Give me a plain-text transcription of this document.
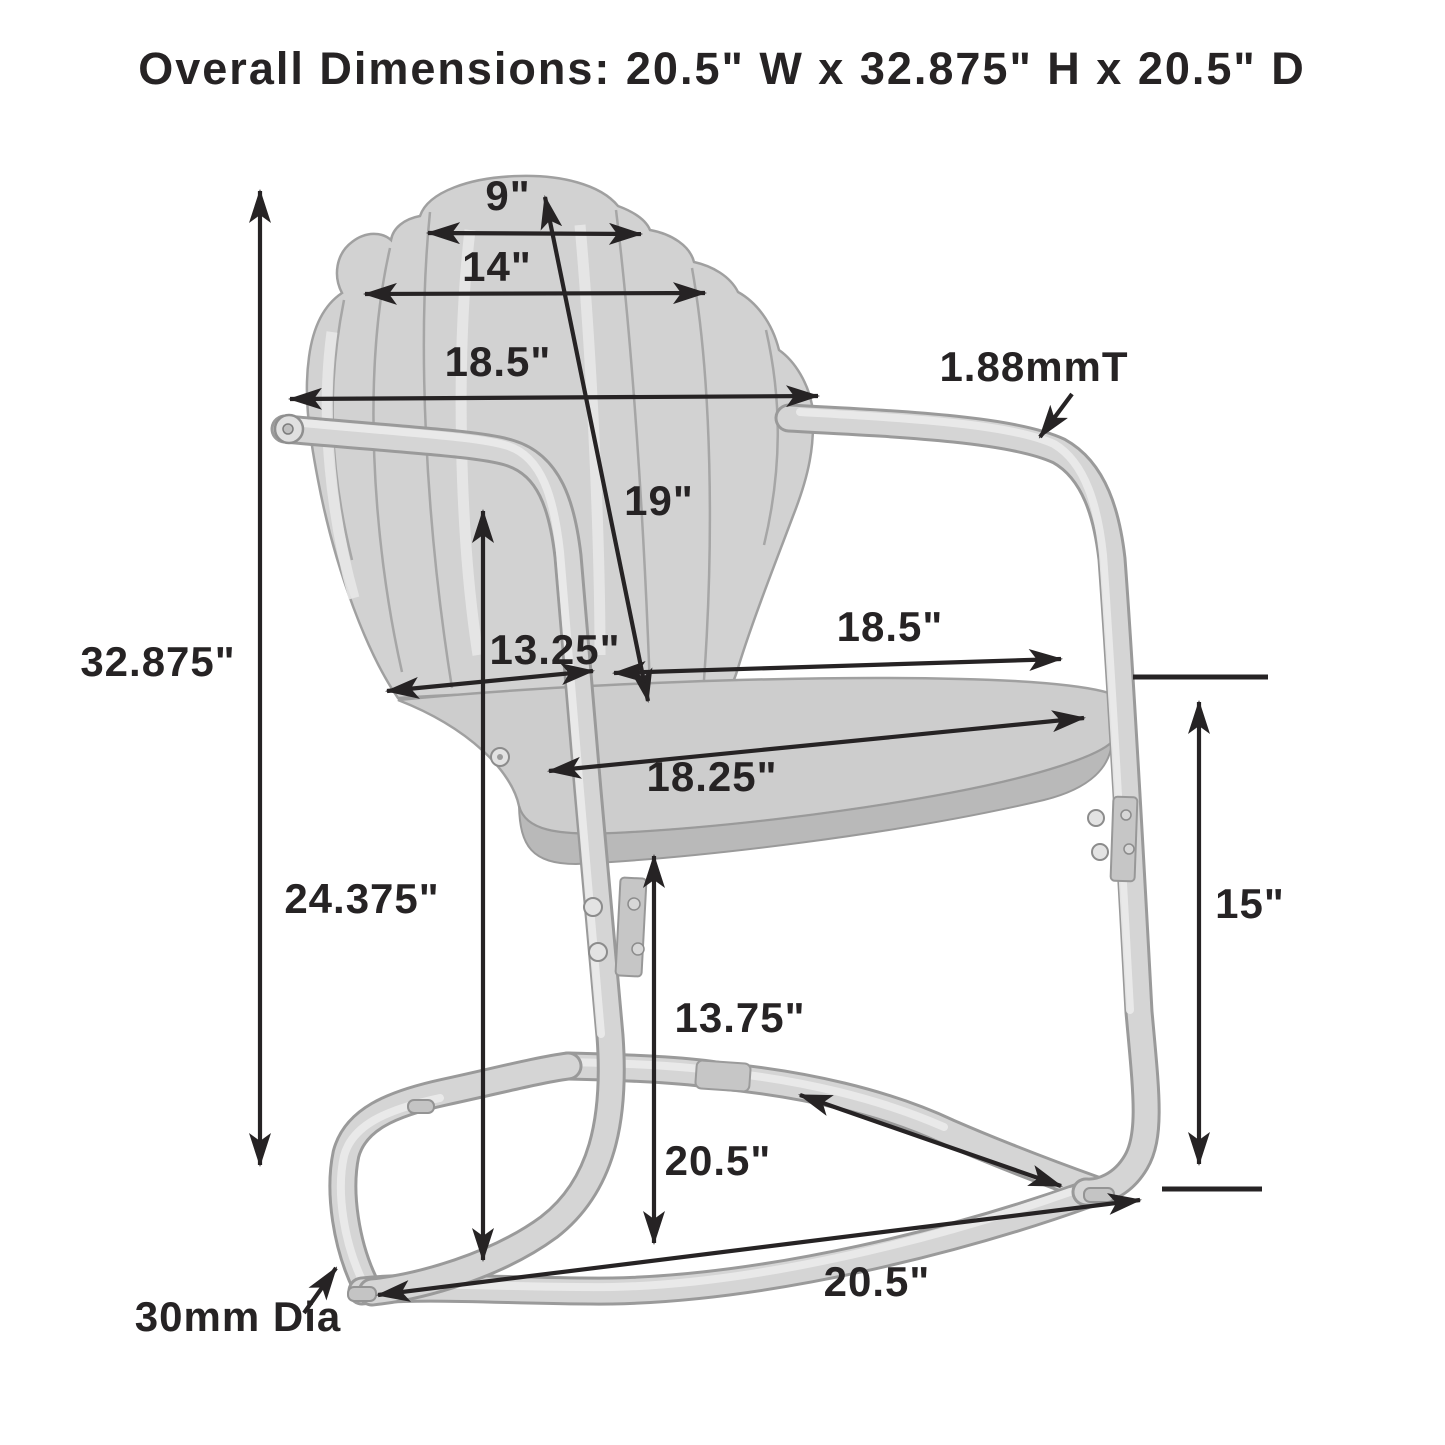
Overall Dimensions: 20.5" W x 32.875" H x 20.5" D
9"
14"
18.5"
19"
1.88mmT
13.25"	18.5"
18.25"
32.875"
24.375"
13.75"
15"
20.5"
20.5"
30mm Dia
